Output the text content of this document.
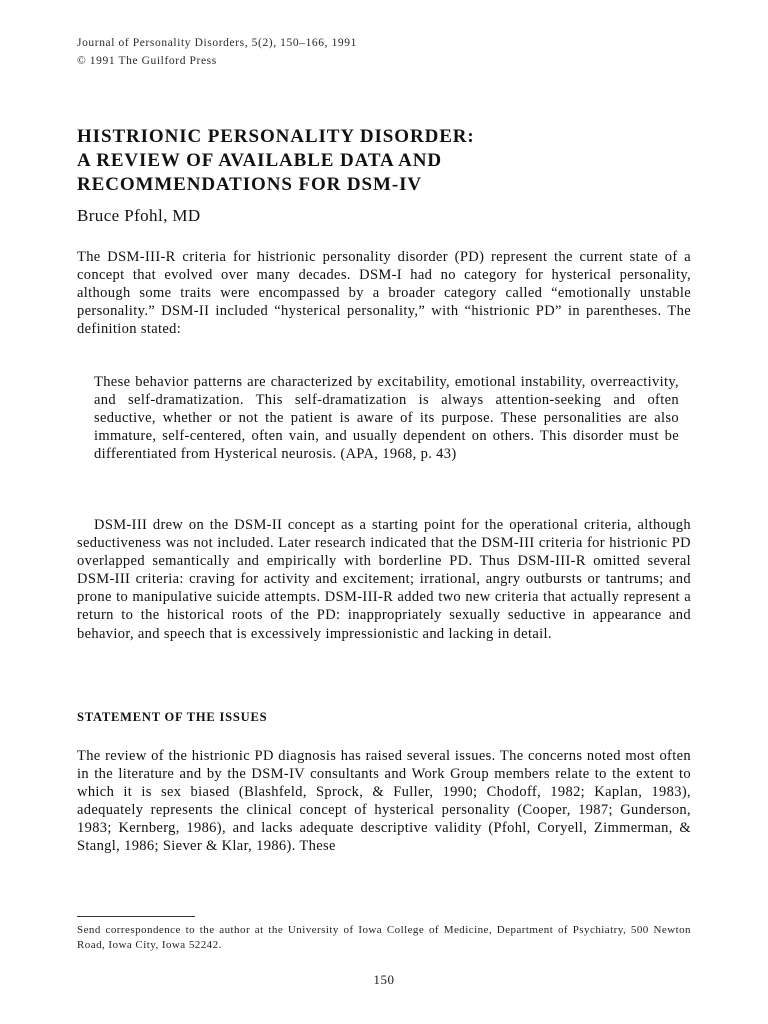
Journal of Personality Disorders, 5(2), 150–166, 1991
© 1991 The Guilford Press
HISTRIONIC PERSONALITY DISORDER:
A REVIEW OF AVAILABLE DATA AND
RECOMMENDATIONS FOR DSM-IV
Bruce Pfohl, MD
The DSM-III-R criteria for histrionic personality disorder (PD) represent the current state of a concept that evolved over many decades. DSM-I had no category for hysterical personality, although some traits were encompassed by a broader category called “emotionally unstable personality.” DSM-II included “hysterical personality,” with “histrionic PD” in parentheses. The definition stated:
These behavior patterns are characterized by excitability, emotional instability, overreactivity, and self-dramatization. This self-dramatization is always attention-seeking and often seductive, whether or not the patient is aware of its purpose. These personalities are also immature, self-centered, often vain, and usually dependent on others. This disorder must be differentiated from Hysterical neurosis. (APA, 1968, p. 43)
DSM-III drew on the DSM-II concept as a starting point for the operational criteria, although seductiveness was not included. Later research indicated that the DSM-III criteria for histrionic PD overlapped semantically and empirically with borderline PD. Thus DSM-III-R omitted several DSM-III criteria: craving for activity and excitement; irrational, angry outbursts or tantrums; and prone to manipulative suicide attempts. DSM-III-R added two new criteria that actually represent a return to the historical roots of the PD: inappropriately sexually seductive in appearance and behavior, and speech that is excessively impressionistic and lacking in detail.
STATEMENT OF THE ISSUES
The review of the histrionic PD diagnosis has raised several issues. The concerns noted most often in the literature and by the DSM-IV consultants and Work Group members relate to the extent to which it is sex biased (Blashfeld, Sprock, & Fuller, 1990; Chodoff, 1982; Kaplan, 1983), adequately represents the clinical concept of hysterical personality (Cooper, 1987; Gunderson, 1983; Kernberg, 1986), and lacks adequate descriptive validity (Pfohl, Coryell, Zimmerman, & Stangl, 1986; Siever & Klar, 1986). These
Send correspondence to the author at the University of Iowa College of Medicine, Department of Psychiatry, 500 Newton Road, Iowa City, Iowa 52242.
150
